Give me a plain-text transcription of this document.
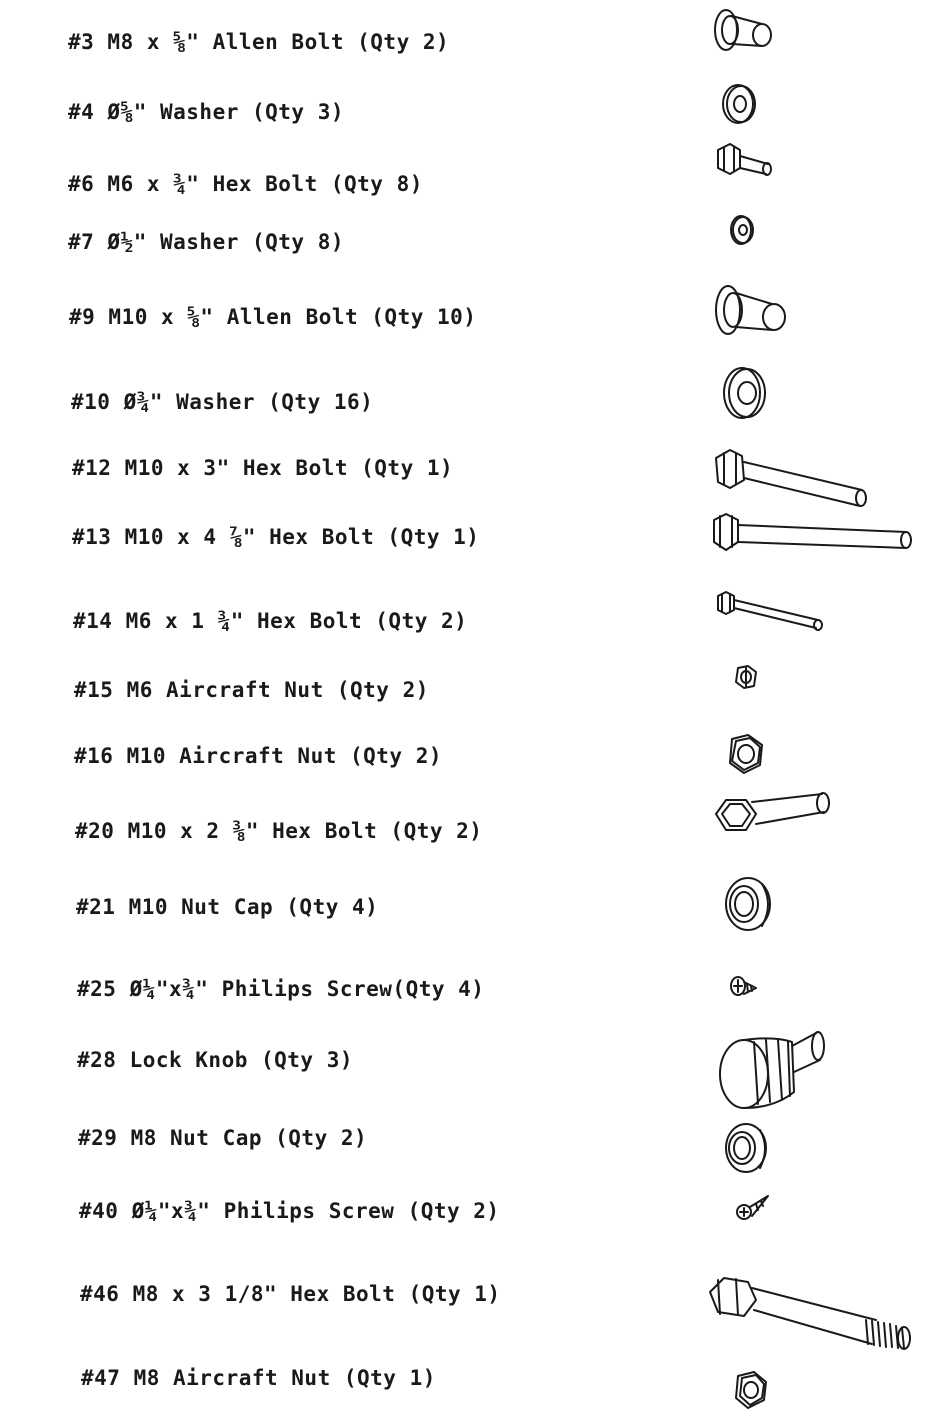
#3 M8 x ⅝" Allen Bolt (Qty 2)
#4 Ø⅝" Washer (Qty 3)
#6 M6 x ¾" Hex Bolt (Qty 8)
#7 Ø½" Washer (Qty 8)
#9 M10 x ⅝" Allen Bolt (Qty 10)
#10 Ø¾" Washer (Qty 16)
#12 M10 x 3" Hex Bolt (Qty 1)
#13 M10 x 4 ⅞" Hex Bolt (Qty 1)
#14 M6 x 1 ¾" Hex Bolt (Qty 2)
#15 M6 Aircraft Nut (Qty 2)
#16 M10 Aircraft Nut (Qty 2)
#20 M10 x 2 ⅜" Hex Bolt (Qty 2)
#21 M10 Nut Cap (Qty 4)
#25 Ø¼"x¾" Philips Screw(Qty 4)
#28 Lock Knob (Qty 3)
#29 M8 Nut Cap (Qty 2)
#40 Ø¼"x¾" Philips Screw (Qty 2)
#46 M8 x 3 1/8" Hex Bolt (Qty 1)
#47 M8 Aircraft Nut (Qty 1)
